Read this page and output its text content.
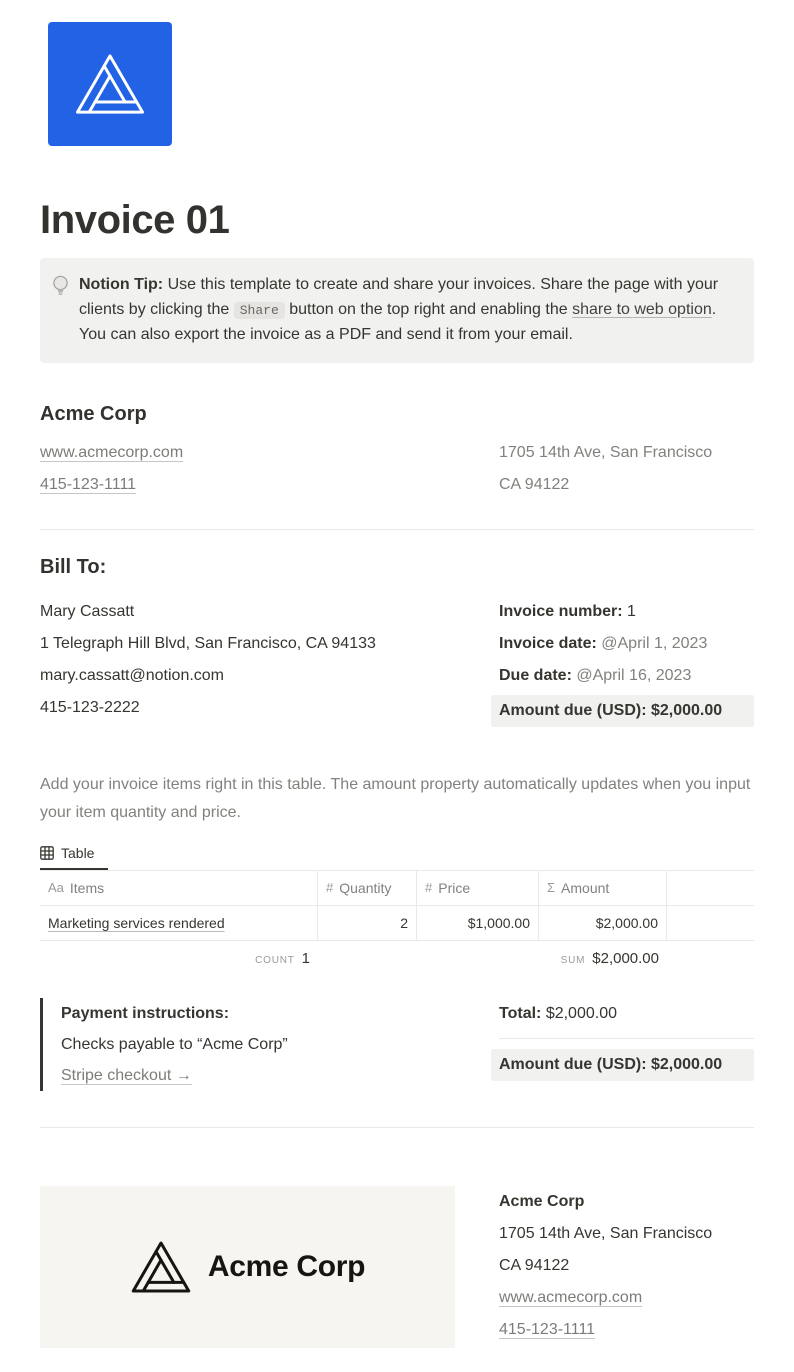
Invoice 01
Notion Tip: Use this template to create and share your invoices. Share the page with your clients by clicking the Share button on the top right and enabling the share to web option. You can also export the invoice as a PDF and send it from your email.
Acme Corp
www.acmecorp.com
415-123-1111
1705 14th Ave, San Francisco
CA 94122
Bill To:
Mary Cassatt
1 Telegraph Hill Blvd, San Francisco, CA 94133
mary.cassatt@notion.com
415-123-2222
Invoice number: 1
Invoice date: @April 1, 2023
Due date: @April 16, 2023
Amount due (USD): $2,000.00
Add your invoice items right in this table. The amount property automatically updates when you input your item quantity and price.
Table
Aa Items	# Quantity	# Price	Σ Amount
Marketing services rendered	2	$1,000.00	$2,000.00
COUNT 1	SUM $2,000.00
Payment instructions:
Checks payable to “Acme Corp”
Stripe checkout →
Total: $2,000.00
Amount due (USD): $2,000.00
Acme Corp
Acme Corp
1705 14th Ave, San Francisco
CA 94122
www.acmecorp.com
415-123-1111
